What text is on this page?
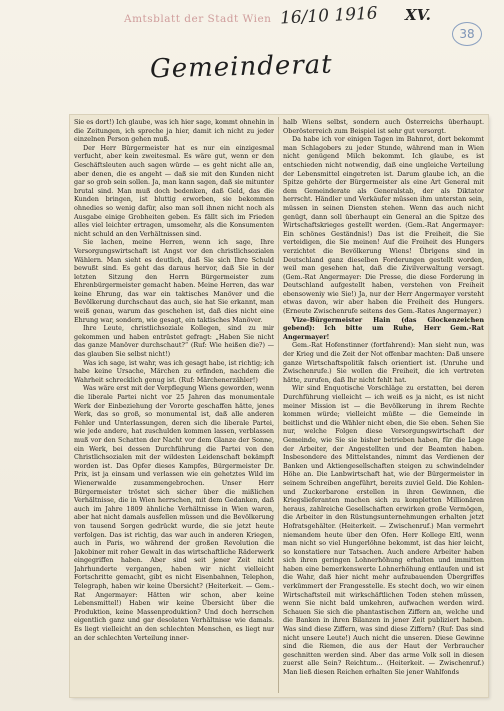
Amtsblatt der Stadt Wien 16/10 1916 XV.
38
Gemeinderat

Sie es dort!) Ich glaube, was ich hier sage, kommt ohnehin in die Zeitungen, ich spreche ja hier, damit ich nicht zu jeder einzelnen Person gehen muß.

Der Herr Bürgermeister hat es nur ein einzigesmal verfucht, aber kein zweitesmal. Es wäre gut, wenn er den Geschäftsleuten auch sagen würde — es geht nicht alle an, aber denen, die es angeht — daß sie mit den Kunden nicht gar so grob sein sollen. Ja, man kann sagen, daß sie mitunter brutal sind. Man muß doch bedenken, daß Geld, das die Kunden bringen, ist bluttig erworben, sie bekommen ohnedies so wenig dafür, also man soll ihnen nicht noch als Ausgabe einige Grobheiten geben. Es fällt sich im Frieden alles viel leichter ertragen, umsomehr, als die Konsumenten nicht schuld an den Verhältnissen sind.

Sie lachen, meine Herren, wenn ich sage, Ihre Versorgungswirtschaft ist Angst vor den christlichsozialen Wählern. Man sieht es deutlich, daß Sie sich Ihre Schuld bewußt sind. Es geht das daraus hervor, daß Sie in der letzten Sitzung den Herrn Bürgermeister zum Ehrenbürgermeister gemacht haben. Meine Herren, das war keine Ehrung, das war ein taktisches Manöver und die Bevölkerung durchschaut das auch, sie hat Sie erkannt, man weiß genau, warum das geschehen ist, daß dies nicht eine Ehrung war, sondern, wie gesagt, ein taktisches Manöver.

Ihre Leute, christlichsoziale Kollegen, sind zu mir gekommen und haben entrüstet gefragt: „Haben Sie nicht das ganze Manöver durchschaut?“ (Ruf: Wie heißen die?) — das glauben Sie selbst nicht!)

Was ich sage, ist wahr, was ich gesagt habe, ist richtig; ich habe keine Ursache, Märchen zu erfinden, nachdem die Wahrheit schrecklich genug ist. (Ruf: Märchenerzähler!)

Was wäre erst mit der Verpflegung Wiens geworden, wenn die liberale Partei nicht vor 25 Jahren das monumentale Werk der Einbeziehung der Vororte geschaffen hätte, jenes Werk, das so groß, so monumental ist, daß alle anderen Fehler und Unterlassungen, deren sich die liberale Partei, wie jede andere, hat zuschulden kommen lassen, verblassen muß vor den Schatten der Nacht vor dem Glanze der Sonne, ein Werk, bei dessen Durchführung die Partei von den Christlichsozialen mit der wildesten Leidenschaft bekämpft worden ist. Das Opfer dieses Kampfes, Bürgermeister Dr. Prix, ist ja einsam und verlassen wie ein gehetztes Wild im Wienerwalde zusammengebrochen. Unser Herr Bürgermeister tröstet sich sicher über die mißlichen Verhältnisse, die in Wien herrschen, mit dem Gedanken, daß auch im Jahre 1809 ähnliche Verhältnisse in Wien waren, aber hat nicht damals ausfellen müssen und die Bevölkerung von tausend Sorgen gedrückt wurde, die sie jetzt heute verfolgen. Das ist richtig, das war auch in anderen Kriegen, auch in Paris, wo während der großen Revolution die Jakobiner mit roher Gewalt in das wirtschaftliche Räderwerk eingegriffen haben. Aber sind seit jener Zeit nicht Jahrhunderte vergangen, haben wir nicht vielleicht Fortschritte gemacht, gibt es nicht Eisenbahnen, Telephon, Telegraph, haben wir keine Übersicht? (Heiterkeit. — Gem.-Rat Angermayer: Hätten wir schon, aber keine Lebensmittel!) Haben wir keine Übersicht über die Produktion, keine Massenproduktion? Und doch herrschen eigentlich ganz und gar desolaten Verhältnisse wie damals. Es liegt vielleicht an den schlechten Menschen, es liegt nur an der schlechten Verteilung inner-

halb Wiens selbst, sondern auch Österreichs überhaupt. Oberösterreich zum Beispiel ist sehr gut versorgt.

Da habe ich vor einigen Tagen im Bahnrot, dort bekommt man Schlagobers zu jeder Stunde, während man in Wien nicht genügend Milch bekommt. Ich glaube, es ist entschieden nicht notwendig, daß eine ungleiche Verteilung der Lebensmittel eingetreten ist. Darum glaube ich, an die Spitze gehörte der Bürgermeister als eine Art General mit dem Gemeinderate als Generalstab, der als Diktator herrscht. Händler und Verkäufer müssen ihm unterstan sein, müssen in seinen Diensten stehen. Wenn das auch nicht genügt, dann soll überhaupt ein General an die Spitze des Wirtschaftskrieges gestellt werden. (Gem.-Rat Angermayer: Ein schönes Geständnis!) Das ist die Freiheit, die Sie verteidigen, die Sie meinen! Auf die Freiheit des Hungers verzichtet die Bevölkerung Wiens! Übrigens sind in Deutschland ganz dieselben Forderungen gestellt worden, weil man gesehen hat, daß die Zivilverwaltung versagt. (Gem.-Rat Angermayer: Die Presse, die diese Forderung in Deutschland aufgestellt haben, verstehen von Freiheit ebensoweniy wie Sie!) Ja, nur der Herr Angermayer versteht etwas davon, wir aber haben die Freiheit des Hungers. (Erneute Zwischenrufe seitens des Gem.-Rates Angermayer.)

Vize-Bürgermeister Hain (das Glockenzeichen gebend): Ich bitte um Ruhe, Herr Gem.-Rat Angermayer!

Gem.-Rat Hofenstinner (fortfahrend): Man sieht nun, was der Krieg und die Zeit der Not offenbar machten: Daß unsere ganze Wirtschaftspolitik falsch orientiert ist. (Unruhe und Zwischenrufe.) Sie wollen die Freiheit, die ich vertreten hätte, zurufen, daß Ihr nicht fehlt hat.

Wir sind Enquotische Vorschläge zu erstatten, bei deren Durchführung vielleicht — ich weiß es ja nicht, es ist nicht meiner Mission ist — die Bevölkerung in ihrem Rechte kommen würde; vielleicht müßte — die Gemeinde in beitlichst und die Wähler nicht eben, die Sie eben. Sehen Sie nur, welche Folgen diese Versorgungswirtschaft der Gemeinde, wie Sie sie bisher betrieben haben, für die Lage der Arbeiter, der Angestellten und der Beamten haben. Insbesondere des Mittelstandes, nimmt das Verdienen der Banken und Aktiengesellschaften steigen zu schwindelnder Höhe an. Die Lanbwirtschaft hat, wie der Bürgermeister in seinem Schreiben angeführt, bereits zuviel Geld. Die Kohlen- und Zuckerbarone erstellen in ihren Gewinnen, die Kriegslieferanten machen sich zu kompletten Millionären heraus, zahlreiche Gesellschaften erwirken große Vermögen, die Arbeiter in den Rüstungsunternehmungen erhalten jetzt Hofratsgehälter. (Heiterkeit. — Zwischenruf.) Man vermehrt niemandem heute über den Ofen. Herr Kollege Eltl, wenn man nicht so viel Hungerlöhne bekommt, ist das hier leicht, so konstatiere nur Tatsachen. Auch andere Arbeiter haben sich ihren geringen Lohnerhöhung erhalten und immitten haben eine bemerkenswerte Lohnerhöhung entlaufen und ist die Wahr, daß hier nicht mehr aufzubauenden Übergriffes verkümmert der Frangesstelle. Es stecht doch, wo wir einen Wirtschaftsteil mit wirkschäftlichen Toden stehen müssen, wenn Sie nicht bald umkehren, aufwachen werden wird. Schauen Sie sich die phantastischen Ziffern an, welche und die Banken in ihren Bilanzen in jener Zeit publiziert haben. Was sind diese Ziffern, was sind diese Ziffern? (Ruf: Das sind nicht unsere Leute!) Auch nicht die unseren. Diese Gewinne sind die Riemen, die aus der Haut der Verbraucher geschnitten werden sind. Aber das arme Volk soll in diesen zuerst alle Sein? Reichtum... (Heiterkeit. — Zwischenruf.) Man ließ diesen Reichen erhalten Sie jener Wahlfonds
